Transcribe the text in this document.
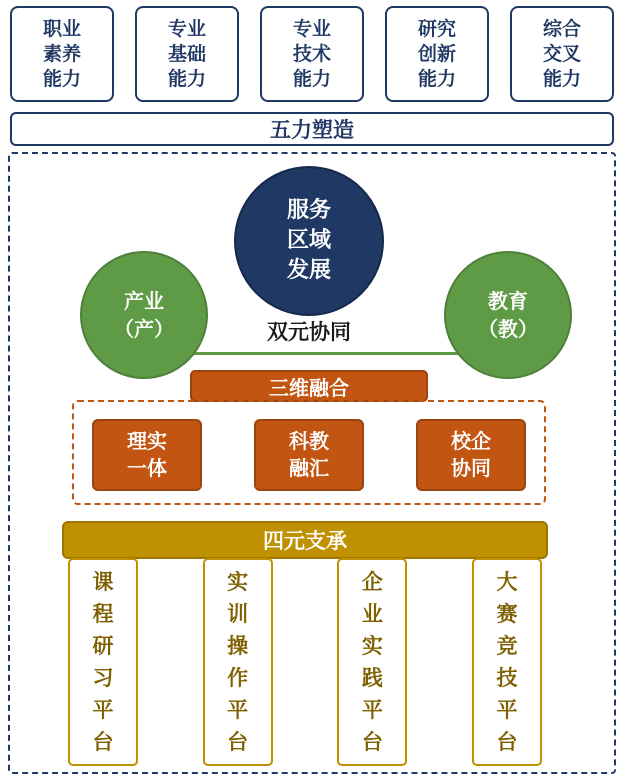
职业
素养
能力
专业
基础
能力
专业
技术
能力
研究
创新
能力
综合
交叉
能力
五力塑造
双元协同
服务
区域
发展
产业
（产）
教育
（教）
三维融合
理实
一体
科教
融汇
校企
协同
四元支承
课
程
研
习
平
台
实
训
操
作
平
台
企
业
实
践
平
台
大
赛
竞
技
平
台
